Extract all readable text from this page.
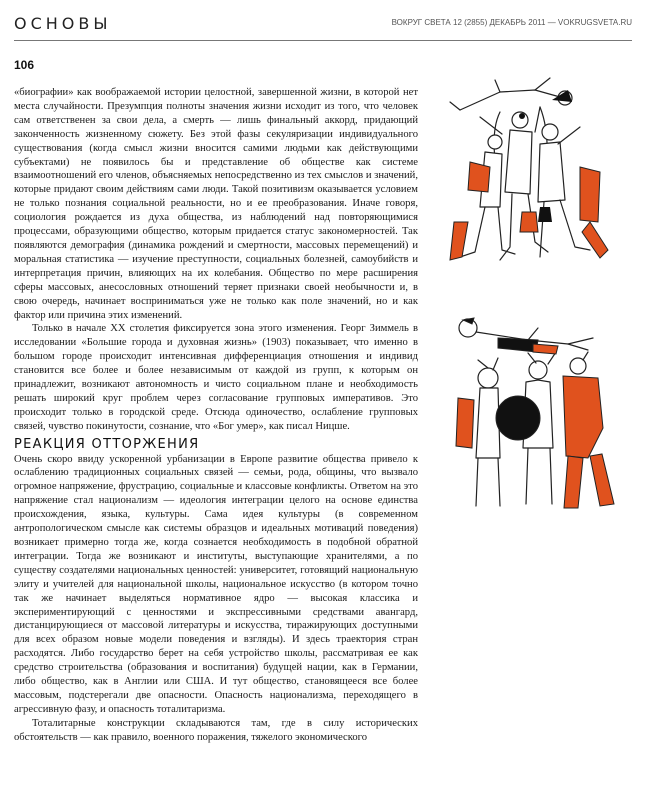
ОСНОВЫ	ВОКРУГ СВЕТА 12 (2855) ДЕКАБРЬ 2011 — VOKRUGSVETA.RU
106

«биографии» как воображаемой истории целостной, завершенной жизни, в которой нет места случайности. Презумпция полноты значения жизни исходит из того, что человек сам ответственен за свои дела, а смерть — лишь финальный аккорд, придающий законченность жизненному сюжету. Без этой фазы секуляризации индивидуального существования (когда смысл жизни вносится самими людьми как действующими субъектами) не появилось бы и представление об обществе как системе взаимоотношений его членов, объясняемых непосредственно из тех смыслов и значений, которые придают своим действиям сами люди. Такой позитивизм оказывается условием не только познания социальной реальности, но и ее преобразования. Иначе говоря, социология рождается из духа общества, из наблюдений над повторяющимися процессами, образующими общество, которым придается статус закономерностей. Так появляются демография (динамика рождений и смертности, массовых перемещений) и моральная статистика — изучение преступности, социальных болезней, самоубийств и интерпретация причин, влияющих на их колебания. Общество по мере расширения сферы массовых, анесословных отношений теряет признаки своей необычности и, в свою очередь, начинает восприниматься уже не только как поле значений, но и как фактор или причина этих изменений.

Только в начале XX столетия фиксируется зона этого изменения. Георг Зиммель в исследовании «Большие города и духовная жизнь» (1903) показывает, что именно в большом городе происходит интенсивная дифференциация отношения и индивид становится все более и более независимым от каждой из групп, к которым он принадлежит, возникают автономность и чисто социальном плане и необходимость решать широкий круг проблем через согласование групповых императивов. Это происходит только в городской среде. Отсюда одиночество, ослабление групповых связей, чувство покинутости, сознание, что «Бог умер», как писал Ницше.

РЕАКЦИЯ ОТТОРЖЕНИЯ

Очень скоро ввиду ускоренной урбанизации в Европе развитие общества привело к ослаблению традиционных социальных связей — семьи, рода, общины, что вызвало огромное напряжение, фрустрацию, социальные и классовые конфликты. Ответом на это напряжение стал национализм — идеология интеграции целого на основе единства происхождения, языка, культуры. Сама идея культуры (в современном антропологическом смысле как системы образцов и идеальных мотиваций поведения) возникает примерно тогда же, когда сознается необходимость в подобной обратной интеграции. Тогда же возникают и институты, выступающие хранителями, а по существу создателями национальных ценностей: университет, готовящий национальную элиту и учителей для национальной школы, национальное искусство (в котором точно так же начинает выделяться нормативное ядро — высокая классика и экспериментирующий с ценностями и экспрессивными средствами авангард, дистанцирующиеся от массовой литературы и искусства, тиражирующих доступными для всех образом новые модели поведения и взгляды). И здесь траектория стран расходятся. Либо государство берет на себя устройство школы, рассматривая ее как средство строительства (образования и воспитания) будущей нации, как в Германии, либо общество, как в Англии или США. И тут общество, становящееся все более массовым, подстерегали две опасности. Опасность национализма, переходящего в агрессивную фазу, и опасность тоталитаризма.

Тоталитарные конструкции складываются там, где в силу исторических обстоятельств — как правило, военного поражения, тяжелого экономического
